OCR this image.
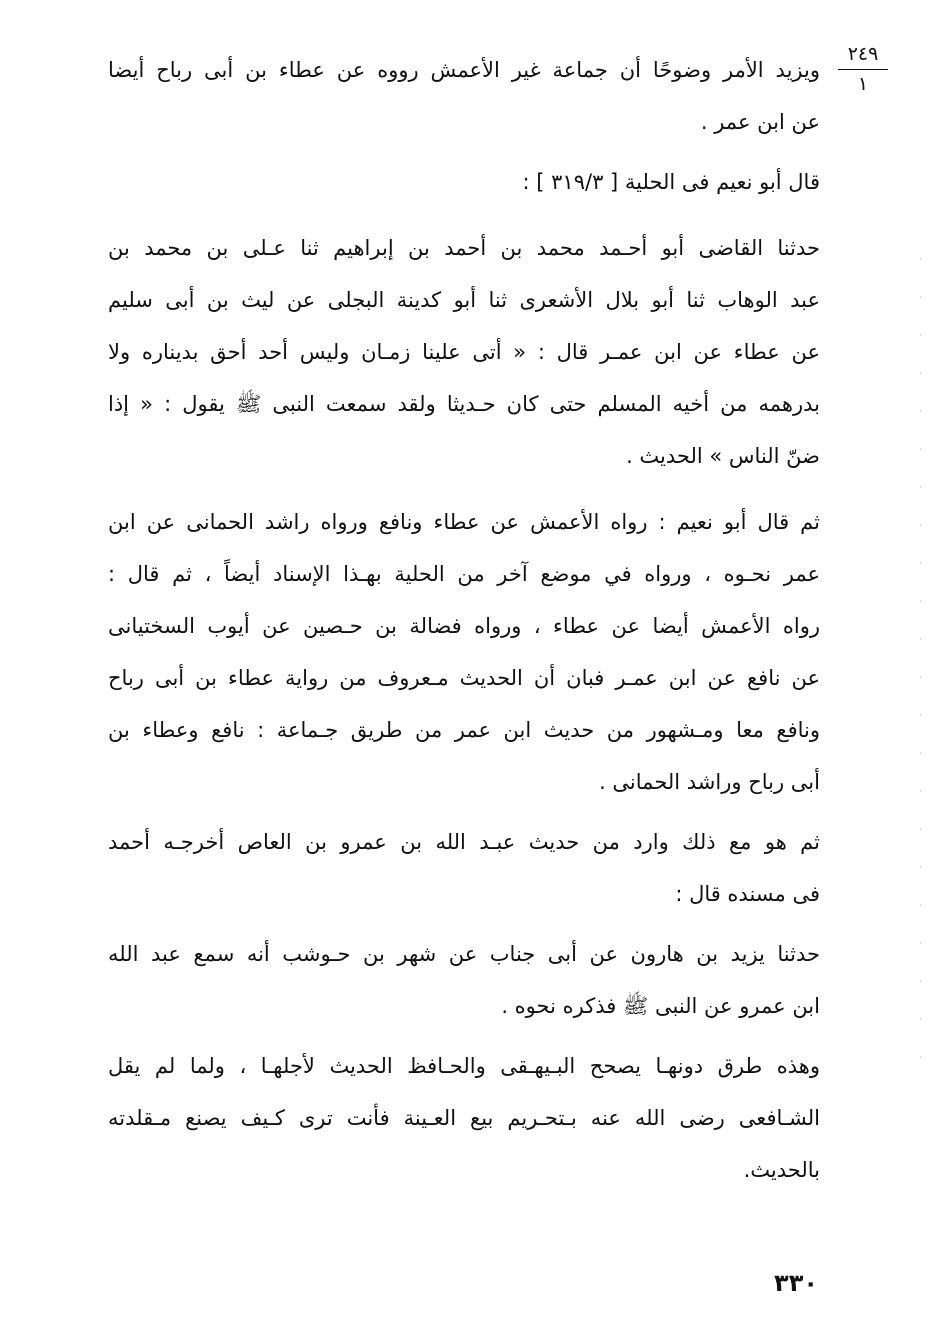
٢٤٩
١
ويزيد الأمر وضوحًا أن جماعة غير الأعمش رووه عن عطاء بن أبى رباح أيضا
عن ابن عمر .
قال أبو نعيم فى الحلية [ ٣١٩/٣ ] :
حدثنا القاضى أبو أحـمد محمد بن أحمد بن إبراهيم ثنا عـلى بن محمد بن
عبد الوهاب ثنا أبو بلال الأشعرى ثنا أبو كدينة البجلى عن ليث بن أبى سليم
عن عطاء عن ابن عمـر قال : « أتى علينا زمـان وليس أحد أحق بديناره ولا
بدرهمه من أخيه المسلم حتى كان حـديثا ولقد سمعت النبى ﷺ يقول : « إذا
ضنّ الناس » الحديث .
ثم قال أبو نعيم : رواه الأعمش عن عطاء ونافع ورواه راشد الحمانى عن ابن
عمر نحـوه ، ورواه في موضع آخر من الحلية بهـذا الإسناد أيضاً ، ثم قال :
رواه الأعمش أيضا عن عطاء ، ورواه فضالة بن حـصين عن أيوب السختيانى
عن نافع عن ابن عمـر فبان أن الحديث مـعروف من رواية عطاء بن أبى رباح
ونافع معا ومـشهور من حديث ابن عمر من طريق جـماعة : نافع وعطاء بن
أبى رباح وراشد الحمانى .
ثم هو مع ذلك وارد من حديث عبـد الله بن عمرو بن العاص أخرجـه أحمد
فى مسنده قال :
حدثنا يزيد بن هارون عن أبى جناب عن شهر بن حـوشب أنه سمع عبد الله
ابن عمرو عن النبى ﷺ فذكره نحوه .
وهذه طرق دونهـا يصحح البـيهـقى والحـافظ الحديث لأجلهـا ، ولما لم يقل
الشـافعى رضى الله عنه بـتحـريم بيع العـينة فأنت ترى كـيف يصنع مـقلدته
بالحديث.
٣٣٠
